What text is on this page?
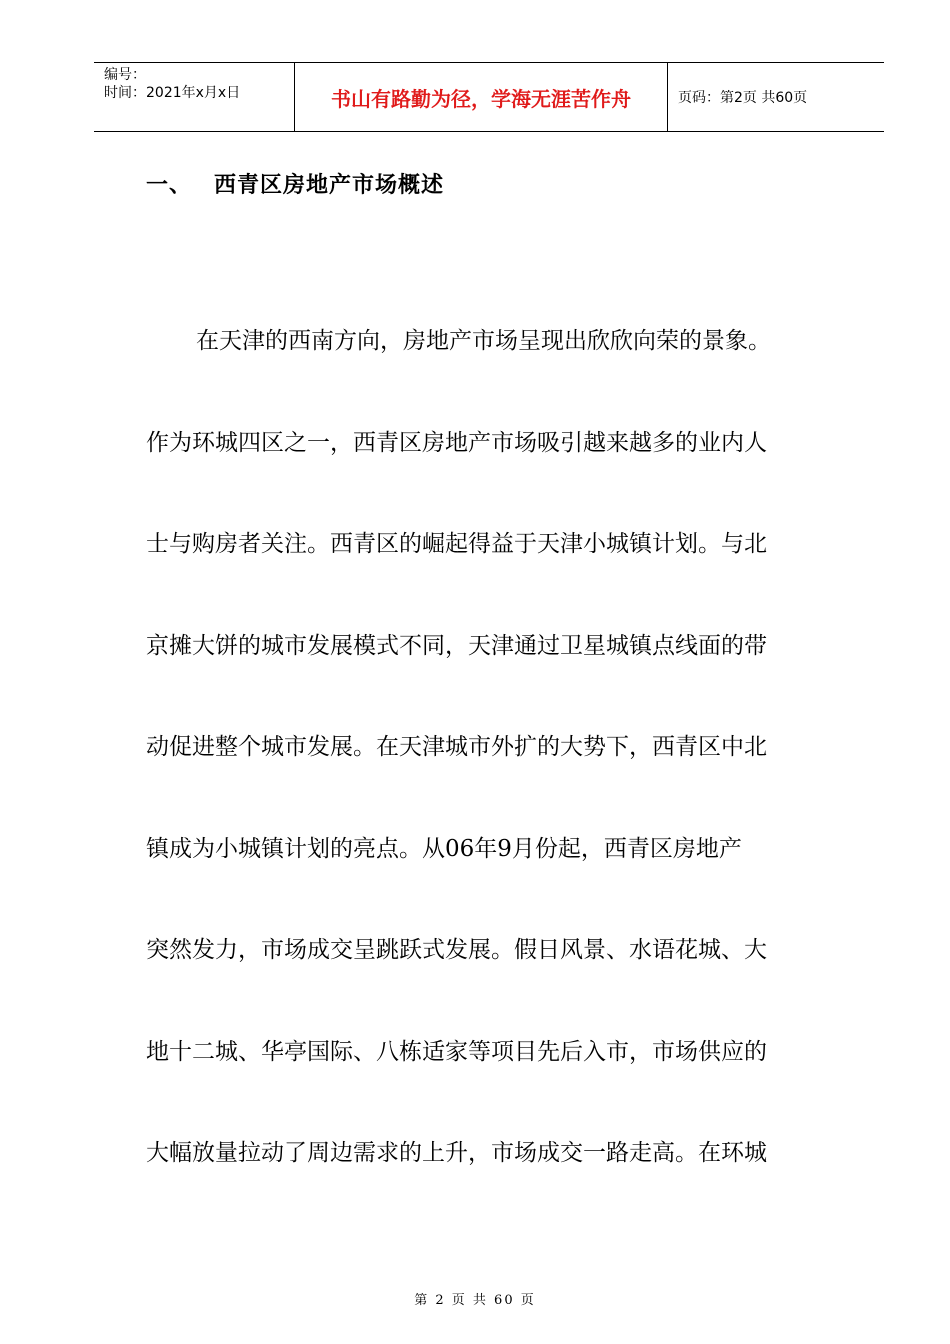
编号：
时间：2021年x月x日	书山有路勤为径，学海无涯苦作舟	页码：第2页 共60页
一、 西青区房地产市场概述
在天津的西南方向，房地产市场呈现出欣欣向荣的景象。
作为环城四区之一，西青区房地产市场吸引越来越多的业内人
士与购房者关注。西青区的崛起得益于天津小城镇计划。与北
京摊大饼的城市发展模式不同，天津通过卫星城镇点线面的带
动促进整个城市发展。在天津城市外扩的大势下，西青区中北
镇成为小城镇计划的亮点。从06年9月份起，西青区房地产
突然发力，市场成交呈跳跃式发展。假日风景、水语花城、大
地十二城、华亭国际、八栋适家等项目先后入市，市场供应的
大幅放量拉动了周边需求的上升，市场成交一路走高。在环城
第 2 页 共 60 页
